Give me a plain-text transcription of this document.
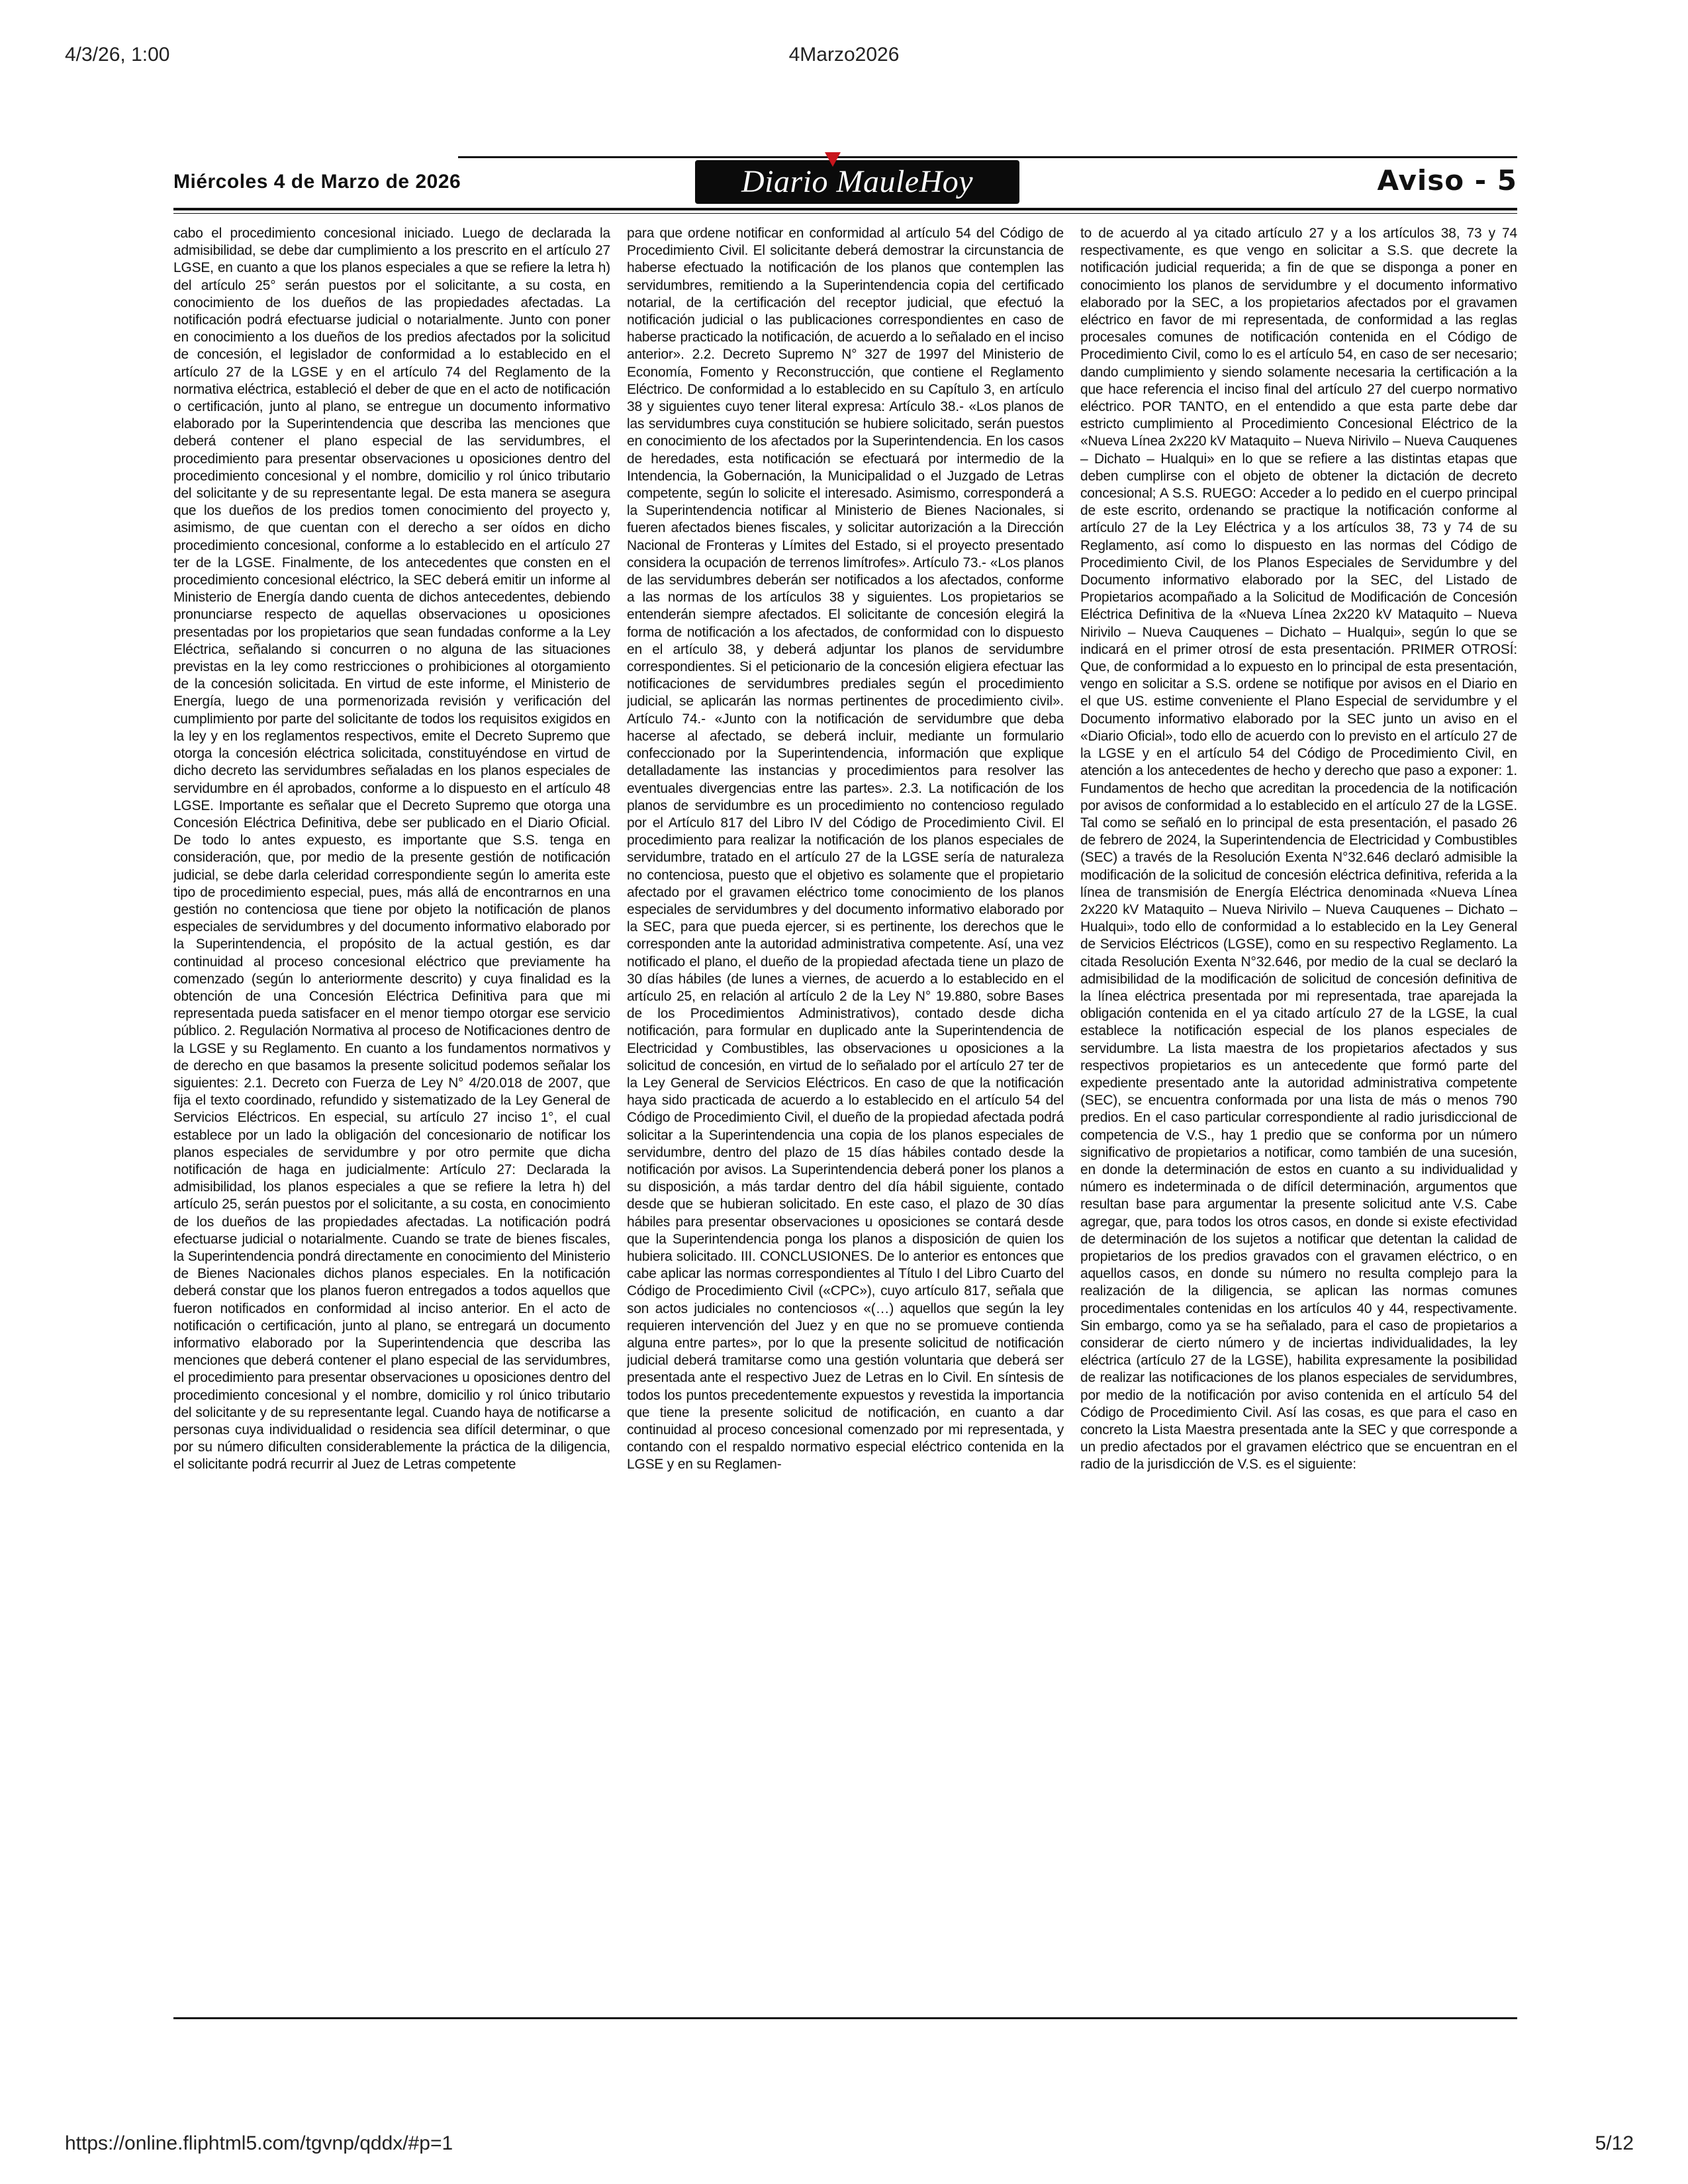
4/3/26, 1:00	4Marzo2026
Miércoles 4 de Marzo de 2026	Diario MauleHoy	Aviso - 5

cabo el procedimiento concesional iniciado. Luego de declarada la admisibilidad, se debe dar cumplimiento a los prescrito en el artículo 27 LGSE, en cuanto a que los planos especiales a que se refiere la letra h) del artículo 25° serán puestos por el solicitante, a su costa, en conocimiento de los dueños de las propiedades afectadas. La notificación podrá efectuarse judicial o notarialmente. Junto con poner en conocimiento a los dueños de los predios afectados por la solicitud de concesión, el legislador de conformidad a lo establecido en el artículo 27 de la LGSE y en el artículo 74 del Reglamento de la normativa eléctrica, estableció el deber de que en el acto de notificación o certificación, junto al plano, se entregue un documento informativo elaborado por la Superintendencia que describa las menciones que deberá contener el plano especial de las servidumbres, el procedimiento para presentar observaciones u oposiciones dentro del procedimiento concesional y el nombre, domicilio y rol único tributario del solicitante y de su representante legal. De esta manera se asegura que los dueños de los predios tomen conocimiento del proyecto y, asimismo, de que cuentan con el derecho a ser oídos en dicho procedimiento concesional, conforme a lo establecido en el artículo 27 ter de la LGSE. Finalmente, de los antecedentes que consten en el procedimiento concesional eléctrico, la SEC deberá emitir un informe al Ministerio de Energía dando cuenta de dichos antecedentes, debiendo pronunciarse respecto de aquellas observaciones u oposiciones presentadas por los propietarios que sean fundadas conforme a la Ley Eléctrica, señalando si concurren o no alguna de las situaciones previstas en la ley como restricciones o prohibiciones al otorgamiento de la concesión solicitada. En virtud de este informe, el Ministerio de Energía, luego de una pormenorizada revisión y verificación del cumplimiento por parte del solicitante de todos los requisitos exigidos en la ley y en los reglamentos respectivos, emite el Decreto Supremo que otorga la concesión eléctrica solicitada, constituyéndose en virtud de dicho decreto las servidumbres señaladas en los planos especiales de servidumbre en él aprobados, conforme a lo dispuesto en el artículo 48 LGSE. Importante es señalar que el Decreto Supremo que otorga una Concesión Eléctrica Definitiva, debe ser publicado en el Diario Oficial. De todo lo antes expuesto, es importante que S.S. tenga en consideración, que, por medio de la presente gestión de notificación judicial, se debe darla celeridad correspondiente según lo amerita este tipo de procedimiento especial, pues, más allá de encontrarnos en una gestión no contenciosa que tiene por objeto la notificación de planos especiales de servidumbres y del documento informativo elaborado por la Superintendencia, el propósito de la actual gestión, es dar continuidad al proceso concesional eléctrico que previamente ha comenzado (según lo anteriormente descrito) y cuya finalidad es la obtención de una Concesión Eléctrica Definitiva para que mi representada pueda satisfacer en el menor tiempo otorgar ese servicio público. 2. Regulación Normativa al proceso de Notificaciones dentro de la LGSE y su Reglamento. En cuanto a los fundamentos normativos y de derecho en que basamos la presente solicitud podemos señalar los siguientes: 2.1. Decreto con Fuerza de Ley N° 4/20.018 de 2007, que fija el texto coordinado, refundido y sistematizado de la Ley General de Servicios Eléctricos. En especial, su artículo 27 inciso 1°, el cual establece por un lado la obligación del concesionario de notificar los planos especiales de servidumbre y por otro permite que dicha notificación de haga en judicialmente: Artículo 27: Declarada la admisibilidad, los planos especiales a que se refiere la letra h) del artículo 25, serán puestos por el solicitante, a su costa, en conocimiento de los dueños de las propiedades afectadas. La notificación podrá efectuarse judicial o notarialmente. Cuando se trate de bienes fiscales, la Superintendencia pondrá directamente en conocimiento del Ministerio de Bienes Nacionales dichos planos especiales. En la notificación deberá constar que los planos fueron entregados a todos aquellos que fueron notificados en conformidad al inciso anterior. En el acto de notificación o certificación, junto al plano, se entregará un documento informativo elaborado por la Superintendencia que describa las menciones que deberá contener el plano especial de las servidumbres, el procedimiento para presentar observaciones u oposiciones dentro del procedimiento concesional y el nombre, domicilio y rol único tributario del solicitante y de su representante legal. Cuando haya de notificarse a personas cuya individualidad o residencia sea difícil determinar, o que por su número dificulten considerablemente la práctica de la diligencia, el solicitante podrá recurrir al Juez de Letras competente

para que ordene notificar en conformidad al artículo 54 del Código de Procedimiento Civil. El solicitante deberá demostrar la circunstancia de haberse efectuado la notificación de los planos que contemplen las servidumbres, remitiendo a la Superintendencia copia del certificado notarial, de la certificación del receptor judicial, que efectuó la notificación judicial o las publicaciones correspondientes en caso de haberse practicado la notificación, de acuerdo a lo señalado en el inciso anterior». 2.2. Decreto Supremo N° 327 de 1997 del Ministerio de Economía, Fomento y Reconstrucción, que contiene el Reglamento Eléctrico. De conformidad a lo establecido en su Capítulo 3, en artículo 38 y siguientes cuyo tener literal expresa: Artículo 38.- «Los planos de las servidumbres cuya constitución se hubiere solicitado, serán puestos en conocimiento de los afectados por la Superintendencia. En los casos de heredades, esta notificación se efectuará por intermedio de la Intendencia, la Gobernación, la Municipalidad o el Juzgado de Letras competente, según lo solicite el interesado. Asimismo, corresponderá a la Superintendencia notificar al Ministerio de Bienes Nacionales, si fueren afectados bienes fiscales, y solicitar autorización a la Dirección Nacional de Fronteras y Límites del Estado, si el proyecto presentado considera la ocupación de terrenos limítrofes». Artículo 73.- «Los planos de las servidumbres deberán ser notificados a los afectados, conforme a las normas de los artículos 38 y siguientes. Los propietarios se entenderán siempre afectados. El solicitante de concesión elegirá la forma de notificación a los afectados, de conformidad con lo dispuesto en el artículo 38, y deberá adjuntar los planos de servidumbre correspondientes. Si el peticionario de la concesión eligiera efectuar las notificaciones de servidumbres prediales según el procedimiento judicial, se aplicarán las normas pertinentes de procedimiento civil». Artículo 74.- «Junto con la notificación de servidumbre que deba hacerse al afectado, se deberá incluir, mediante un formulario confeccionado por la Superintendencia, información que explique detalladamente las instancias y procedimientos para resolver las eventuales divergencias entre las partes». 2.3. La notificación de los planos de servidumbre es un procedimiento no contencioso regulado por el Artículo 817 del Libro IV del Código de Procedimiento Civil. El procedimiento para realizar la notificación de los planos especiales de servidumbre, tratado en el artículo 27 de la LGSE sería de naturaleza no contenciosa, puesto que el objetivo es solamente que el propietario afectado por el gravamen eléctrico tome conocimiento de los planos especiales de servidumbres y del documento informativo elaborado por la SEC, para que pueda ejercer, si es pertinente, los derechos que le corresponden ante la autoridad administrativa competente. Así, una vez notificado el plano, el dueño de la propiedad afectada tiene un plazo de 30 días hábiles (de lunes a viernes, de acuerdo a lo establecido en el artículo 25, en relación al artículo 2 de la Ley N° 19.880, sobre Bases de los Procedimientos Administrativos), contado desde dicha notificación, para formular en duplicado ante la Superintendencia de Electricidad y Combustibles, las observaciones u oposiciones a la solicitud de concesión, en virtud de lo señalado por el artículo 27 ter de la Ley General de Servicios Eléctricos. En caso de que la notificación haya sido practicada de acuerdo a lo establecido en el artículo 54 del Código de Procedimiento Civil, el dueño de la propiedad afectada podrá solicitar a la Superintendencia una copia de los planos especiales de servidumbre, dentro del plazo de 15 días hábiles contado desde la notificación por avisos. La Superintendencia deberá poner los planos a su disposición, a más tardar dentro del día hábil siguiente, contado desde que se hubieran solicitado. En este caso, el plazo de 30 días hábiles para presentar observaciones u oposiciones se contará desde que la Superintendencia ponga los planos a disposición de quien los hubiera solicitado. III. CONCLUSIONES. De lo anterior es entonces que cabe aplicar las normas correspondientes al Título I del Libro Cuarto del Código de Procedimiento Civil («CPC»), cuyo artículo 817, señala que son actos judiciales no contenciosos «(…) aquellos que según la ley requieren intervención del Juez y en que no se promueve contienda alguna entre partes», por lo que la presente solicitud de notificación judicial deberá tramitarse como una gestión voluntaria que deberá ser presentada ante el respectivo Juez de Letras en lo Civil. En síntesis de todos los puntos precedentemente expuestos y revestida la importancia que tiene la presente solicitud de notificación, en cuanto a dar continuidad al proceso concesional comenzado por mi representada, y contando con el respaldo normativo especial eléctrico contenida en la LGSE y en su Reglamen-

to de acuerdo al ya citado artículo 27 y a los artículos 38, 73 y 74 respectivamente, es que vengo en solicitar a S.S. que decrete la notificación judicial requerida; a fin de que se disponga a poner en conocimiento los planos de servidumbre y el documento informativo elaborado por la SEC, a los propietarios afectados por el gravamen eléctrico en favor de mi representada, de conformidad a las reglas procesales comunes de notificación contenida en el Código de Procedimiento Civil, como lo es el artículo 54, en caso de ser necesario; dando cumplimiento y siendo solamente necesaria la certificación a la que hace referencia el inciso final del artículo 27 del cuerpo normativo eléctrico. POR TANTO, en el entendido a que esta parte debe dar estricto cumplimiento al Procedimiento Concesional Eléctrico de la «Nueva Línea 2x220 kV Mataquito – Nueva Nirivilo – Nueva Cauquenes – Dichato – Hualqui» en lo que se refiere a las distintas etapas que deben cumplirse con el objeto de obtener la dictación de decreto concesional; A S.S. RUEGO: Acceder a lo pedido en el cuerpo principal de este escrito, ordenando se practique la notificación conforme al artículo 27 de la Ley Eléctrica y a los artículos 38, 73 y 74 de su Reglamento, así como lo dispuesto en las normas del Código de Procedimiento Civil, de los Planos Especiales de Servidumbre y del Documento informativo elaborado por la SEC, del Listado de Propietarios acompañado a la Solicitud de Modificación de Concesión Eléctrica Definitiva de la «Nueva Línea 2x220 kV Mataquito – Nueva Nirivilo – Nueva Cauquenes – Dichato – Hualqui», según lo que se indicará en el primer otrosí de esta presentación. PRIMER OTROSÍ: Que, de conformidad a lo expuesto en lo principal de esta presentación, vengo en solicitar a S.S. ordene se notifique por avisos en el Diario en el que US. estime conveniente el Plano Especial de servidumbre y el Documento informativo elaborado por la SEC junto un aviso en el «Diario Oficial», todo ello de acuerdo con lo previsto en el artículo 27 de la LGSE y en el artículo 54 del Código de Procedimiento Civil, en atención a los antecedentes de hecho y derecho que paso a exponer: 1. Fundamentos de hecho que acreditan la procedencia de la notificación por avisos de conformidad a lo establecido en el artículo 27 de la LGSE. Tal como se señaló en lo principal de esta presentación, el pasado 26 de febrero de 2024, la Superintendencia de Electricidad y Combustibles (SEC) a través de la Resolución Exenta N°32.646 declaró admisible la modificación de la solicitud de concesión eléctrica definitiva, referida a la línea de transmisión de Energía Eléctrica denominada «Nueva Línea 2x220 kV Mataquito – Nueva Nirivilo – Nueva Cauquenes – Dichato – Hualqui», todo ello de conformidad a lo establecido en la Ley General de Servicios Eléctricos (LGSE), como en su respectivo Reglamento. La citada Resolución Exenta N°32.646, por medio de la cual se declaró la admisibilidad de la modificación de solicitud de concesión definitiva de la línea eléctrica presentada por mi representada, trae aparejada la obligación contenida en el ya citado artículo 27 de la LGSE, la cual establece la notificación especial de los planos especiales de servidumbre. La lista maestra de los propietarios afectados y sus respectivos propietarios es un antecedente que formó parte del expediente presentado ante la autoridad administrativa competente (SEC), se encuentra conformada por una lista de más o menos 790 predios. En el caso particular correspondiente al radio jurisdiccional de competencia de V.S., hay 1 predio que se conforma por un número significativo de propietarios a notificar, como también de una sucesión, en donde la determinación de estos en cuanto a su individualidad y número es indeterminada o de difícil determinación, argumentos que resultan base para argumentar la presente solicitud ante V.S. Cabe agregar, que, para todos los otros casos, en donde si existe efectividad de determinación de los sujetos a notificar que detentan la calidad de propietarios de los predios gravados con el gravamen eléctrico, o en aquellos casos, en donde su número no resulta complejo para la realización de la diligencia, se aplican las normas comunes procedimentales contenidas en los artículos 40 y 44, respectivamente. Sin embargo, como ya se ha señalado, para el caso de propietarios a considerar de cierto número y de inciertas individualidades, la ley eléctrica (artículo 27 de la LGSE), habilita expresamente la posibilidad de realizar las notificaciones de los planos especiales de servidumbres, por medio de la notificación por aviso contenida en el artículo 54 del Código de Procedimiento Civil. Así las cosas, es que para el caso en concreto la Lista Maestra presentada ante la SEC y que corresponde a un predio afectados por el gravamen eléctrico que se encuentran en el radio de la jurisdicción de V.S. es el siguiente:

https://online.fliphtml5.com/tgvnp/qddx/#p=1	5/12
